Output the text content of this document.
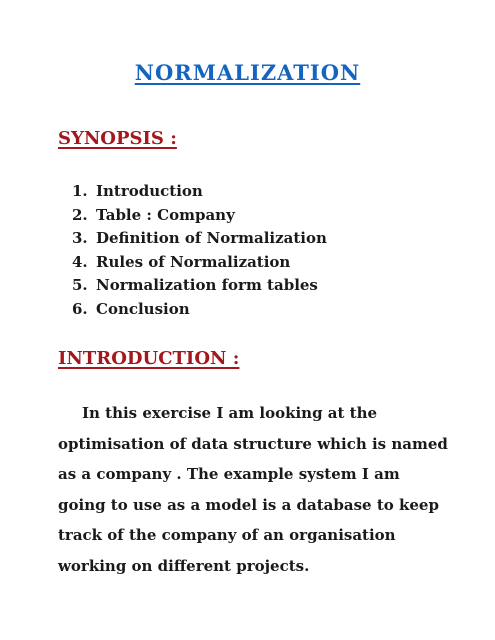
NORMALIZATION
SYNOPSIS :
1. Introduction
2. Table : Company
3. Definition of Normalization
4. Rules of Normalization
5. Normalization form tables
6. Conclusion
INTRODUCTION :

In this exercise I am looking at the
optimisation of data structure which is named
as a company . The example system I am
going to use as a model is a database to keep
track of the company of an organisation
working on different projects.
